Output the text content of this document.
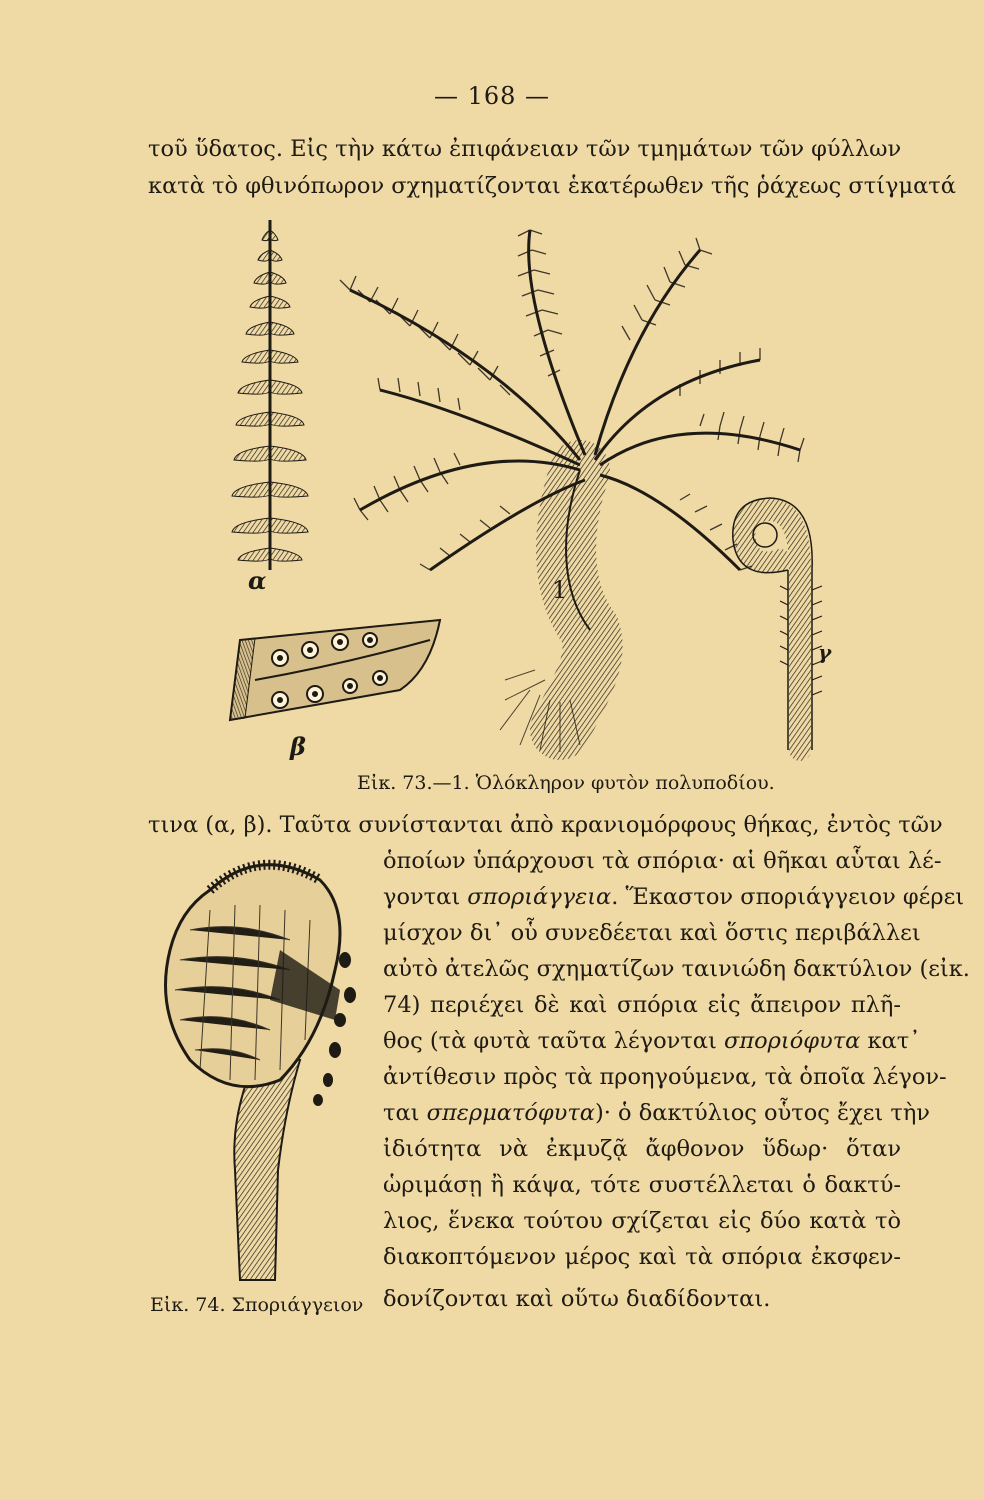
— 168 —
τοῦ ὕδατος. Εἰς τὴν κάτω ἐπιφάνειαν τῶν τμημάτων τῶν φύλλων
κατὰ τὸ φθινόπωρον σχηματίζονται ἑκατέρωθεν τῆς ῥάχεως στίγματά
α	1
β
γ
Εἰκ. 73.—1. Ὁλόκληρον φυτὸν πολυποδίου.
τινα (α, β). Ταῦτα συνίστανται ἀπὸ κρανιομόρφους θήκας, ἐντὸς τῶν
ὁποίων ὑπάρχουσι τὰ σπόρια· αἱ θῆκαι αὗται λέ-
γονται σποριάγγεια. Ἕκαστον σποριάγγειον φέρει
μίσχον δι᾽ οὗ συνεδέεται καὶ ὅστις περιβάλλει
αὐτὸ ἀτελῶς σχηματίζων ταινιώδη δακτύλιον (εἰκ.
74) περιέχει δὲ καὶ σπόρια εἰς ἄπειρον πλῆ-
θος (τὰ φυτὰ ταῦτα λέγονται σποριόφυτα κατ᾽
ἀντίθεσιν πρὸς τὰ προηγούμενα, τὰ ὁποῖα λέγον-
ται σπερματόφυτα)· ὁ δακτύλιος οὗτος ἔχει τὴν
ἰδιότητα νὰ ἐκμυζᾷ ἄφθονον ὕδωρ· ὅταν
ὡριμάσῃ ἢ κάψα, τότε συστέλλεται ὁ δακτύ-
λιος, ἕνεκα τούτου σχίζεται εἰς δύο κατὰ τὸ
διακοπτόμενον μέρος καὶ τὰ σπόρια ἐκσφεν-
δονίζονται καὶ οὕτω διαδίδονται.
Εἰκ. 74. Σποριάγγειον
